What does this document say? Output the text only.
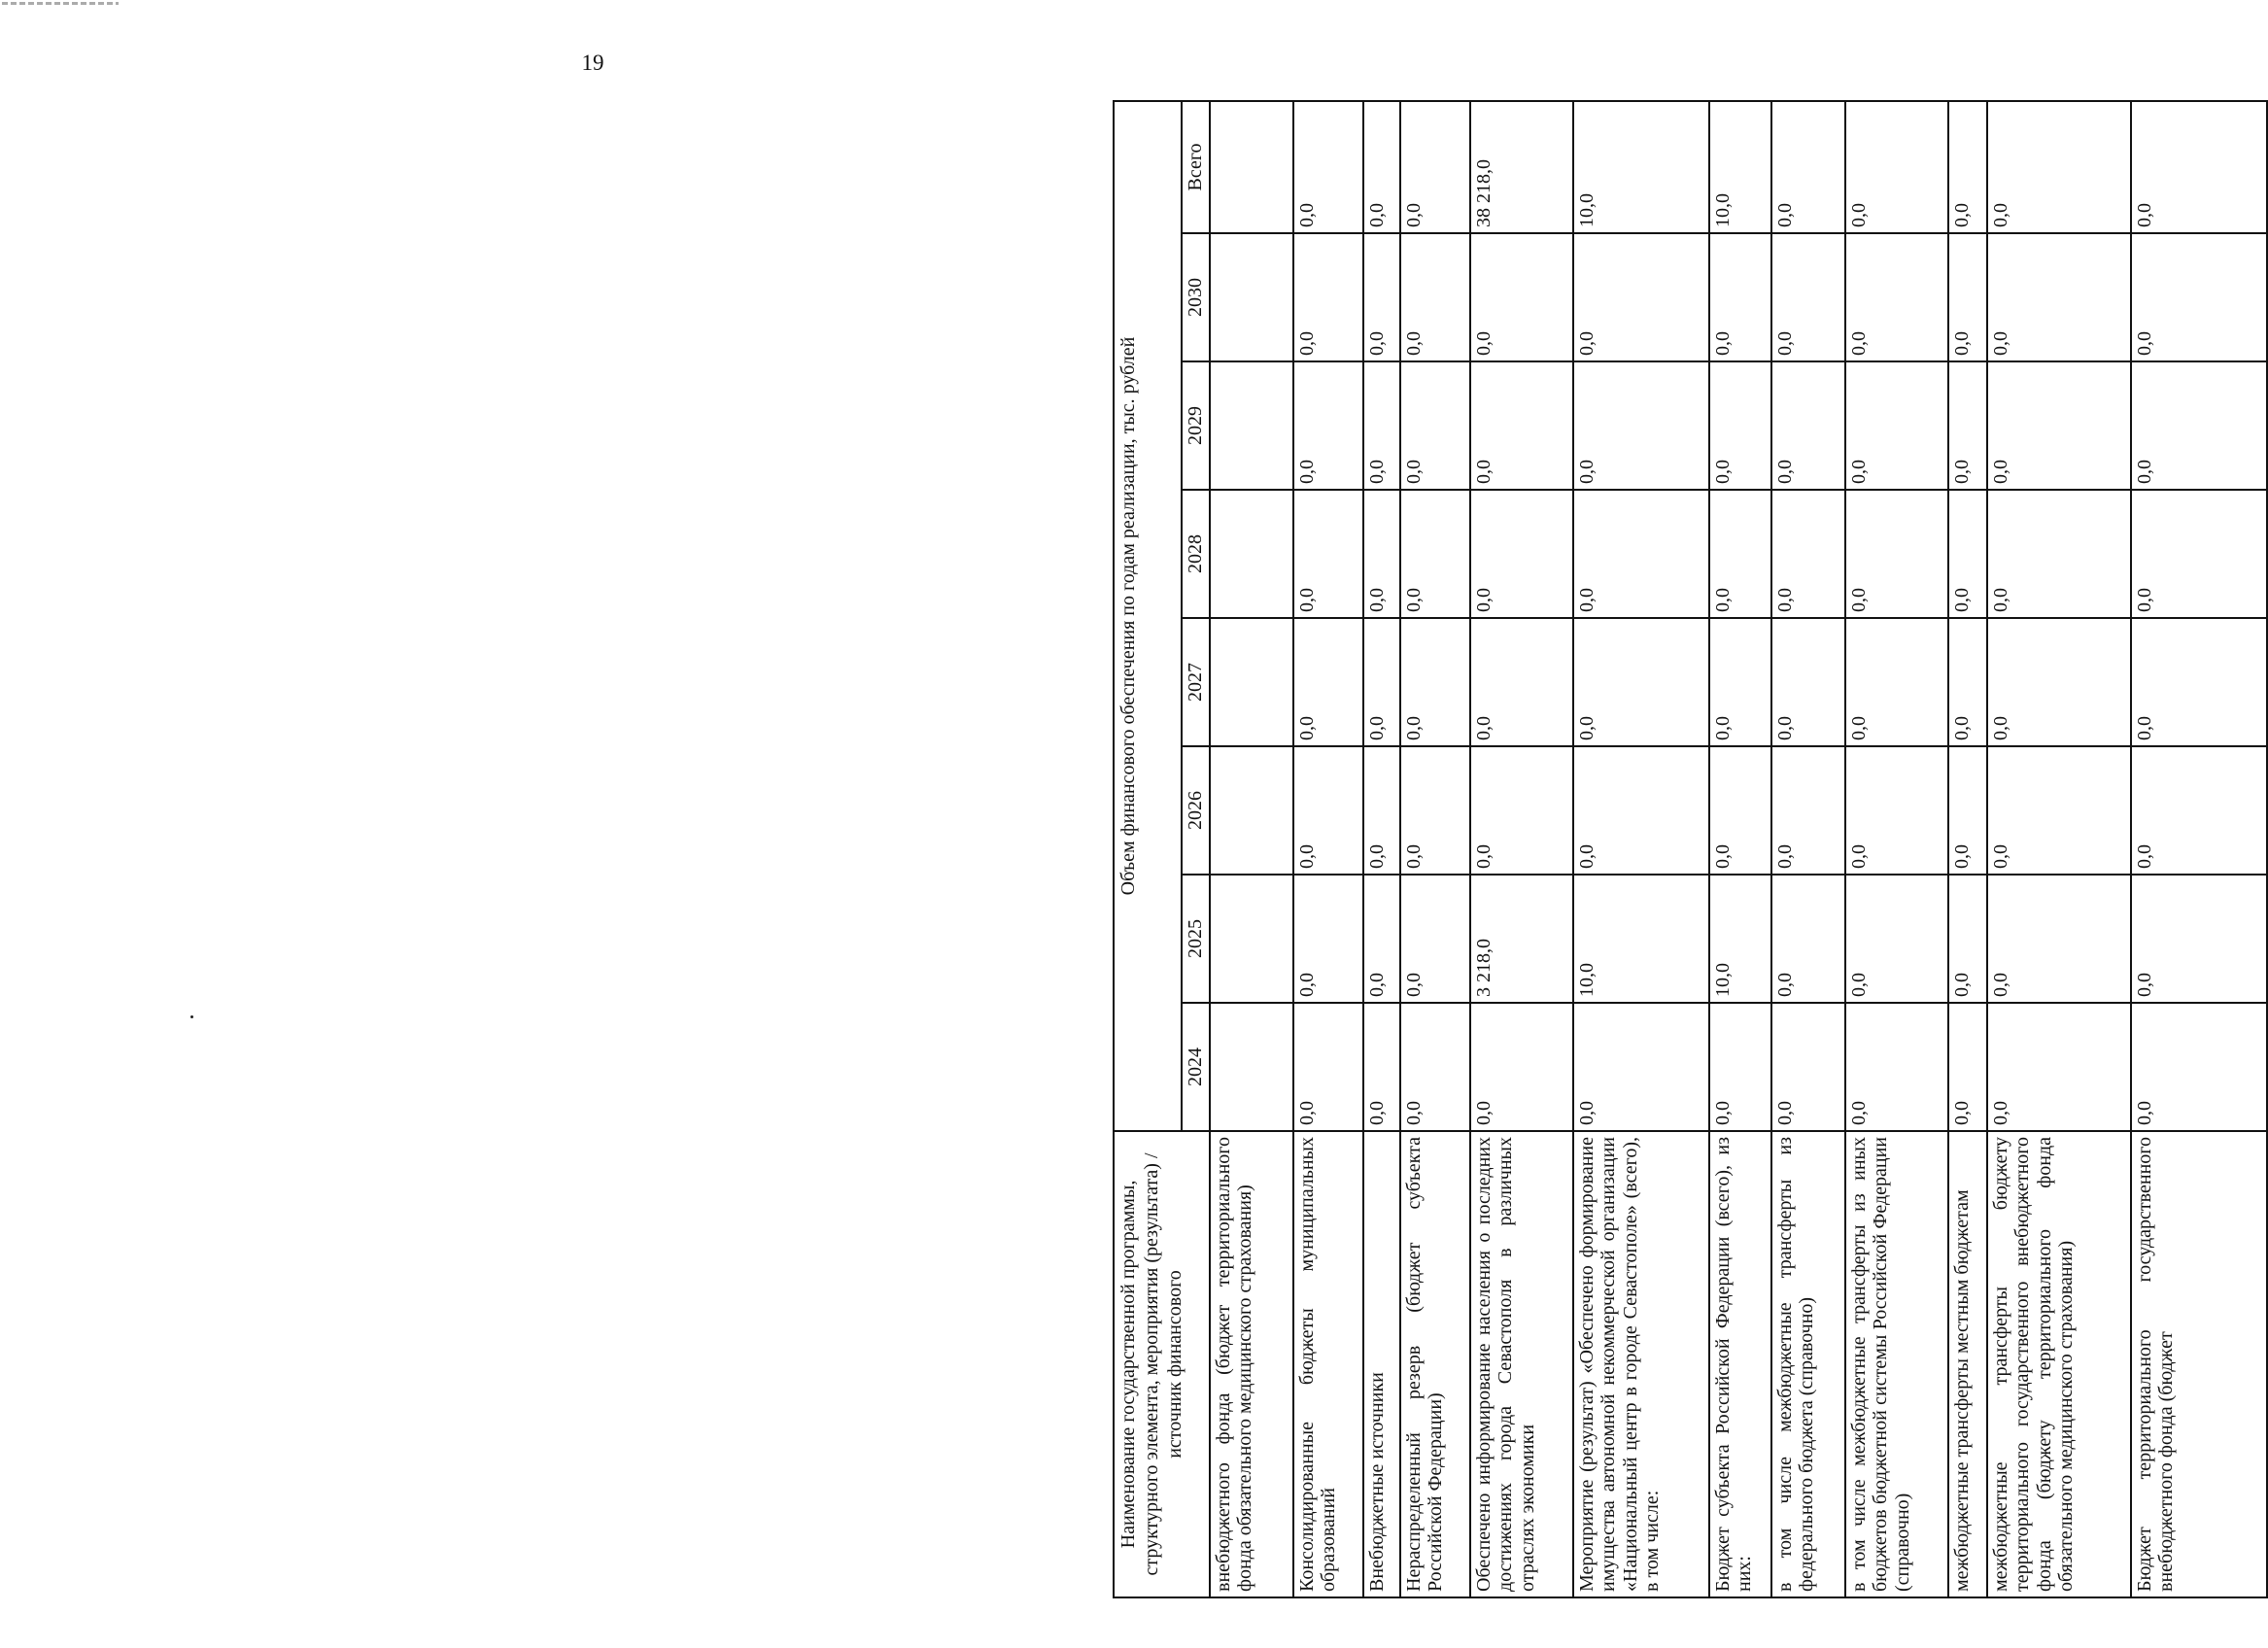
19
Наименование государственной программы, структурного элемента, мероприятия (результата) / источник финансового	Объем финансового обеспечения по годам реализации, тыс. рублей							
	2024	2025	2026	2027	2028	2029	2030	Всего
внебюджетного фонда (бюджет территориального фонда обязательного медицинского страхования)								
Консолидированные бюджеты муниципальных образований	0,0	0,0	0,0	0,0	0,0	0,0	0,0	0,0
Внебюджетные источники	0,0	0,0	0,0	0,0	0,0	0,0	0,0	0,0
Нераспределенный резерв (бюджет субъекта Российской Федерации)	0,0	0,0	0,0	0,0	0,0	0,0	0,0	0,0
Обеспечено информирование населения о последних достижениях города Севастополя в различных отраслях экономики	0,0	3 218,0	0,0	0,0	0,0	0,0	0,0	38 218,0
Мероприятие (результат) «Обеспечено формирование имущества автономной некоммерческой организации «Национальный центр в городе Севастополе» (всего), в том числе:	0,0	10,0	0,0	0,0	0,0	0,0	0,0	10,0
Бюджет субъекта Российской Федерации (всего), из них:	0,0	10,0	0,0	0,0	0,0	0,0	0,0	10,0
в том числе межбюджетные трансферты из федерального бюджета (справочно)	0,0	0,0	0,0	0,0	0,0	0,0	0,0	0,0
в том числе межбюджетные трансферты из иных бюджетов бюджетной системы Российской Федерации (справочно)	0,0	0,0	0,0	0,0	0,0	0,0	0,0	0,0
межбюджетные трансферты местным бюджетам	0,0	0,0	0,0	0,0	0,0	0,0	0,0	0,0
межбюджетные трансферты бюджету территориального государственного внебюджетного фонда (бюджету территориального фонда обязательного медицинского страхования)	0,0	0,0	0,0	0,0	0,0	0,0	0,0	0,0
Бюджет территориального государственного внебюджетного фонда (бюджет	0,0	0,0	0,0	0,0	0,0	0,0	0,0	0,0
